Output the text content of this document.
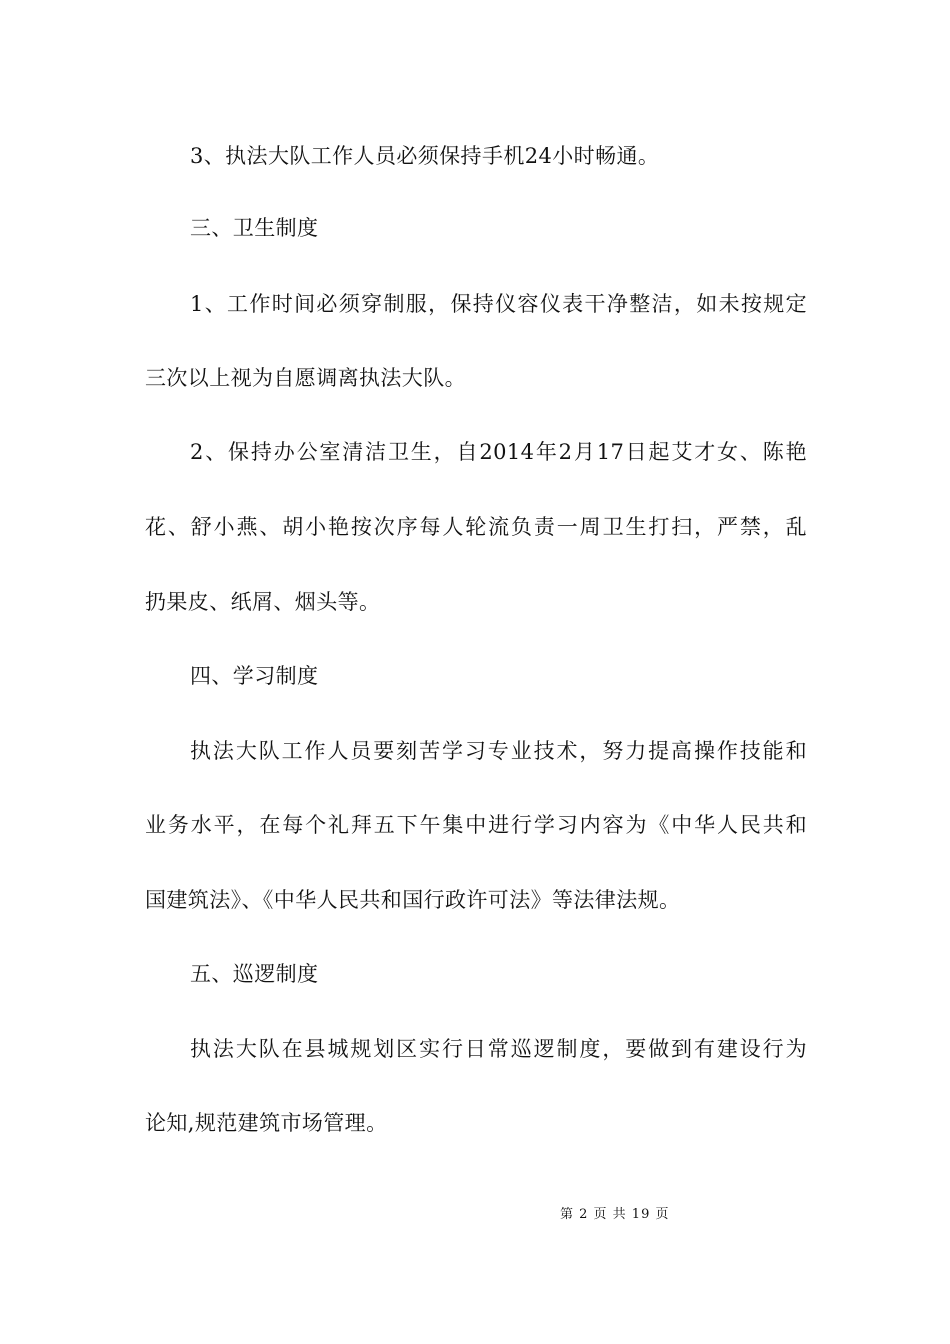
3、执法大队工作人员必须保持手机24小时畅通。
三、卫生制度
1、工作时间必须穿制服，保持仪容仪表干净整洁，如未按规定
三次以上视为自愿调离执法大队。
2、保持办公室清洁卫生，自2014年2月17日起艾才女、陈艳
花、舒小燕、胡小艳按次序每人轮流负责一周卫生打扫，严禁，乱
扔果皮、纸屑、烟头等。
四、学习制度
执法大队工作人员要刻苦学习专业技术，努力提高操作技能和
业务水平，在每个礼拜五下午集中进行学习内容为《中华人民共和
国建筑法》、《中华人民共和国行政许可法》等法律法规。
五、巡逻制度
执法大队在县城规划区实行日常巡逻制度，要做到有建设行为
论知,规范建筑市场管理。
第 2 页 共 19 页
